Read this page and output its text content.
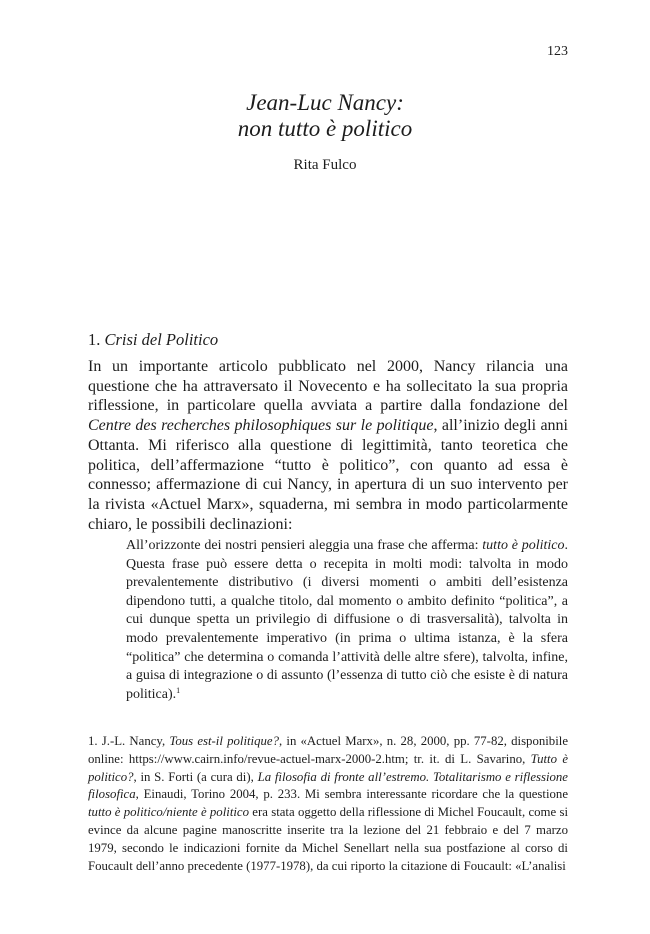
123
Jean-Luc Nancy:
non tutto è politico
Rita Fulco
1. Crisi del Politico

In un importante articolo pubblicato nel 2000, Nancy rilancia una questione che ha attraversato il Novecento e ha sollecitato la sua propria riflessione, in particolare quella avviata a partire dalla fondazione del Centre des recherches philosophiques sur le politique, all’inizio degli anni Ottanta. Mi riferisco alla questione di legittimità, tanto teoretica che politica, dell’affermazione “tutto è politico”, con quanto ad essa è connesso; affermazione di cui Nancy, in apertura di un suo intervento per la rivista «Actuel Marx», squaderna, mi sembra in modo particolarmente chiaro, le possibili declinazioni:

All’orizzonte dei nostri pensieri aleggia una frase che afferma: tutto è politico. Questa frase può essere detta o recepita in molti modi: talvolta in modo prevalentemente distributivo (i diversi momenti o ambiti dell’esistenza dipendono tutti, a qualche titolo, dal momento o ambito definito “politica”, a cui dunque spetta un privilegio di diffusione o di trasversalità), talvolta in modo prevalentemente imperativo (in prima o ultima istanza, è la sfera “politica” che determina o comanda l’attività delle altre sfere), talvolta, infine, a guisa di integrazione o di assunto (l’essenza di tutto ciò che esiste è di natura politica).$^1$

1. J.-L. Nancy, Tous est-il politique?, in «Actuel Marx», n. 28, 2000, pp. 77-82, disponibile online: https://www.cairn.info/revue-actuel-marx-2000-2.htm; tr. it. di L. Savarino, Tutto è politico?, in S. Forti (a cura di), La filosofia di fronte all’estremo. Totalitarismo e riflessione filosofica, Einaudi, Torino 2004, p. 233. Mi sembra interessante ricordare che la questione tutto è politico/niente è politico era stata oggetto della riflessione di Michel Foucault, come si evince da alcune pagine manoscritte inserite tra la lezione del 21 febbraio e del 7 marzo 1979, secondo le indicazioni fornite da Michel Senellart nella sua postfazione al corso di Foucault dell’anno precedente (1977-1978), da cui riporto la citazione di Foucault: «L’analisi
